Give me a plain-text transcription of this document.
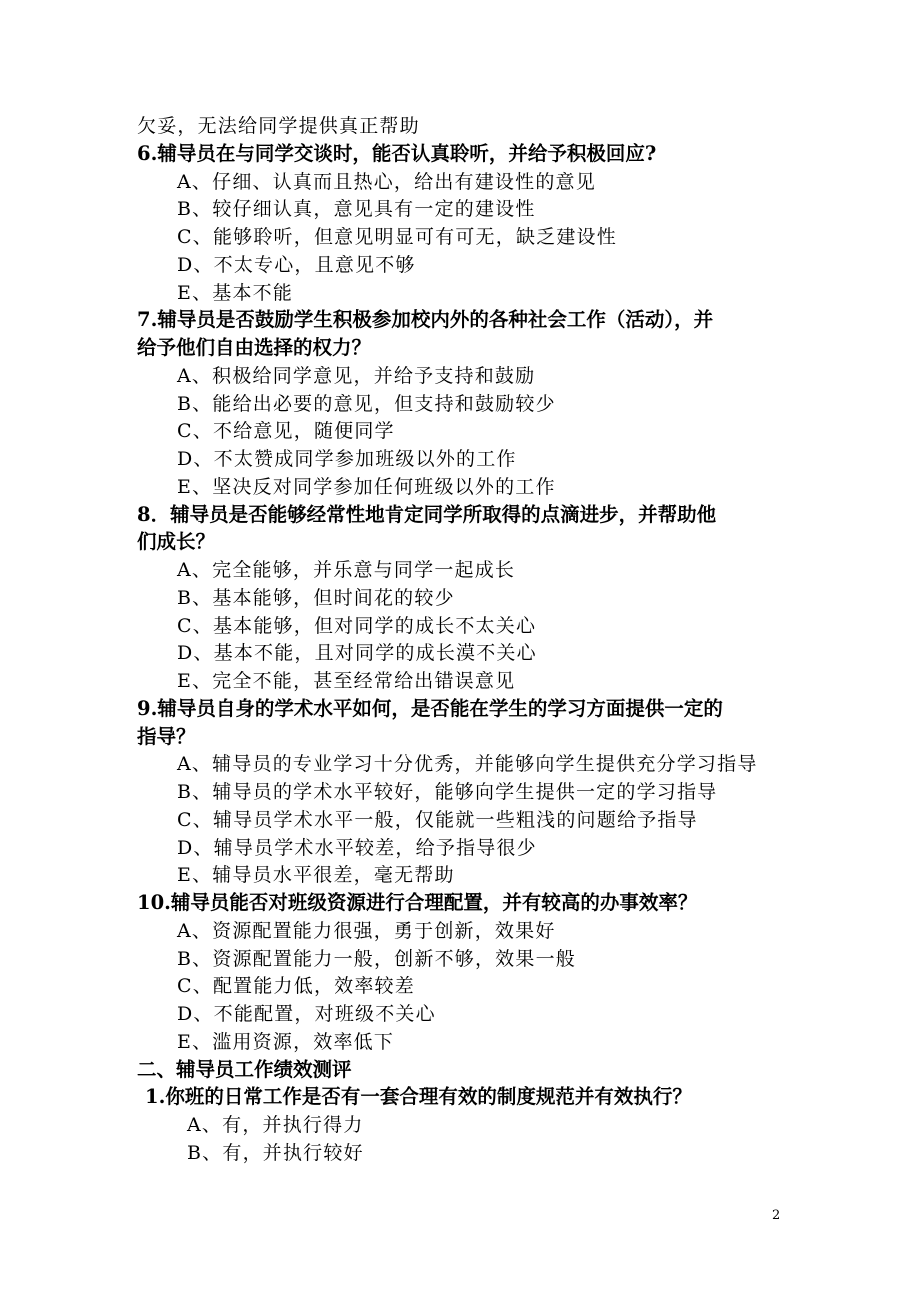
欠妥，无法给同学提供真正帮助
6.辅导员在与同学交谈时，能否认真聆听，并给予积极回应?
A、仔细、认真而且热心，给出有建设性的意见
B、较仔细认真，意见具有一定的建设性
C、能够聆听，但意见明显可有可无，缺乏建设性
D、不太专心，且意见不够
E、基本不能
7.辅导员是否鼓励学生积极参加校内外的各种社会工作（活动），并
给予他们自由选择的权力？
A、积极给同学意见，并给予支持和鼓励
B、能给出必要的意见，但支持和鼓励较少
C、不给意见，随便同学
D、不太赞成同学参加班级以外的工作
E、坚决反对同学参加任何班级以外的工作
8．辅导员是否能够经常性地肯定同学所取得的点滴进步，并帮助他
们成长？
A、完全能够，并乐意与同学一起成长
B、基本能够，但时间花的较少
C、基本能够，但对同学的成长不太关心
D、基本不能，且对同学的成长漠不关心
E、完全不能，甚至经常给出错误意见
9.辅导员自身的学术水平如何，是否能在学生的学习方面提供一定的
指导？
A、辅导员的专业学习十分优秀，并能够向学生提供充分学习指导
B、辅导员的学术水平较好，能够向学生提供一定的学习指导
C、辅导员学术水平一般，仅能就一些粗浅的问题给予指导
D、辅导员学术水平较差，给予指导很少
E、辅导员水平很差，毫无帮助
10.辅导员能否对班级资源进行合理配置，并有较高的办事效率？
A、资源配置能力很强，勇于创新，效果好
B、资源配置能力一般，创新不够，效果一般
C、配置能力低，效率较差
D、不能配置，对班级不关心
E、滥用资源，效率低下
二、辅导员工作绩效测评
1.你班的日常工作是否有一套合理有效的制度规范并有效执行？
A、有，并执行得力
B、有，并执行较好
2
